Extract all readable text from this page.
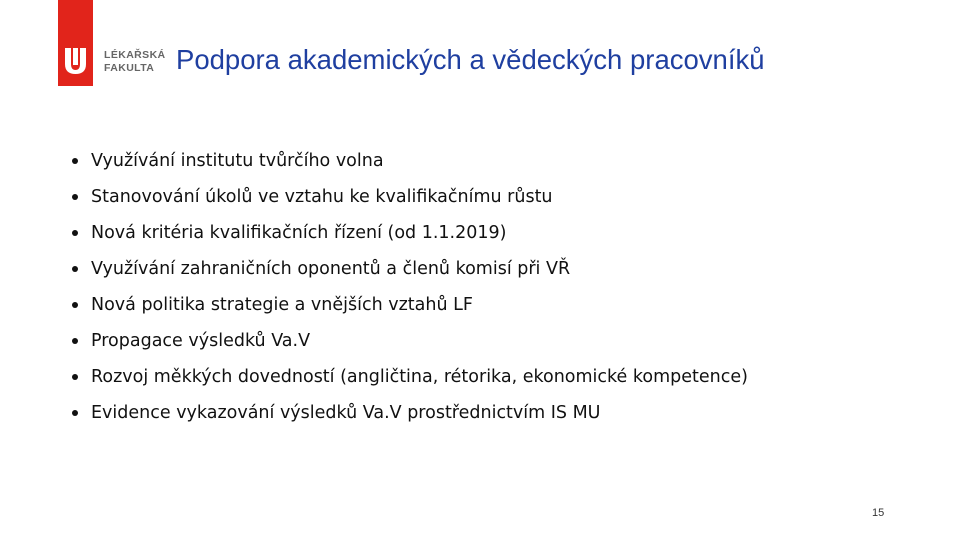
LÉKAŘSKÁ
FAKULTA Podpora akademických a vědeckých pracovníků
Využívání institutu tvůrčího volna
Stanovování úkolů ve vztahu ke kvalifikačnímu růstu
Nová kritéria kvalifikačních řízení (od 1.1.2019)
Využívání zahraničních oponentů a členů komisí při VŘ
Nová politika strategie a vnějších vztahů LF
Propagace výsledků Va.V
Rozvoj měkkých dovedností (angličtina, rétorika, ekonomické kompetence)
Evidence vykazování výsledků Va.V prostřednictvím IS MU
15
